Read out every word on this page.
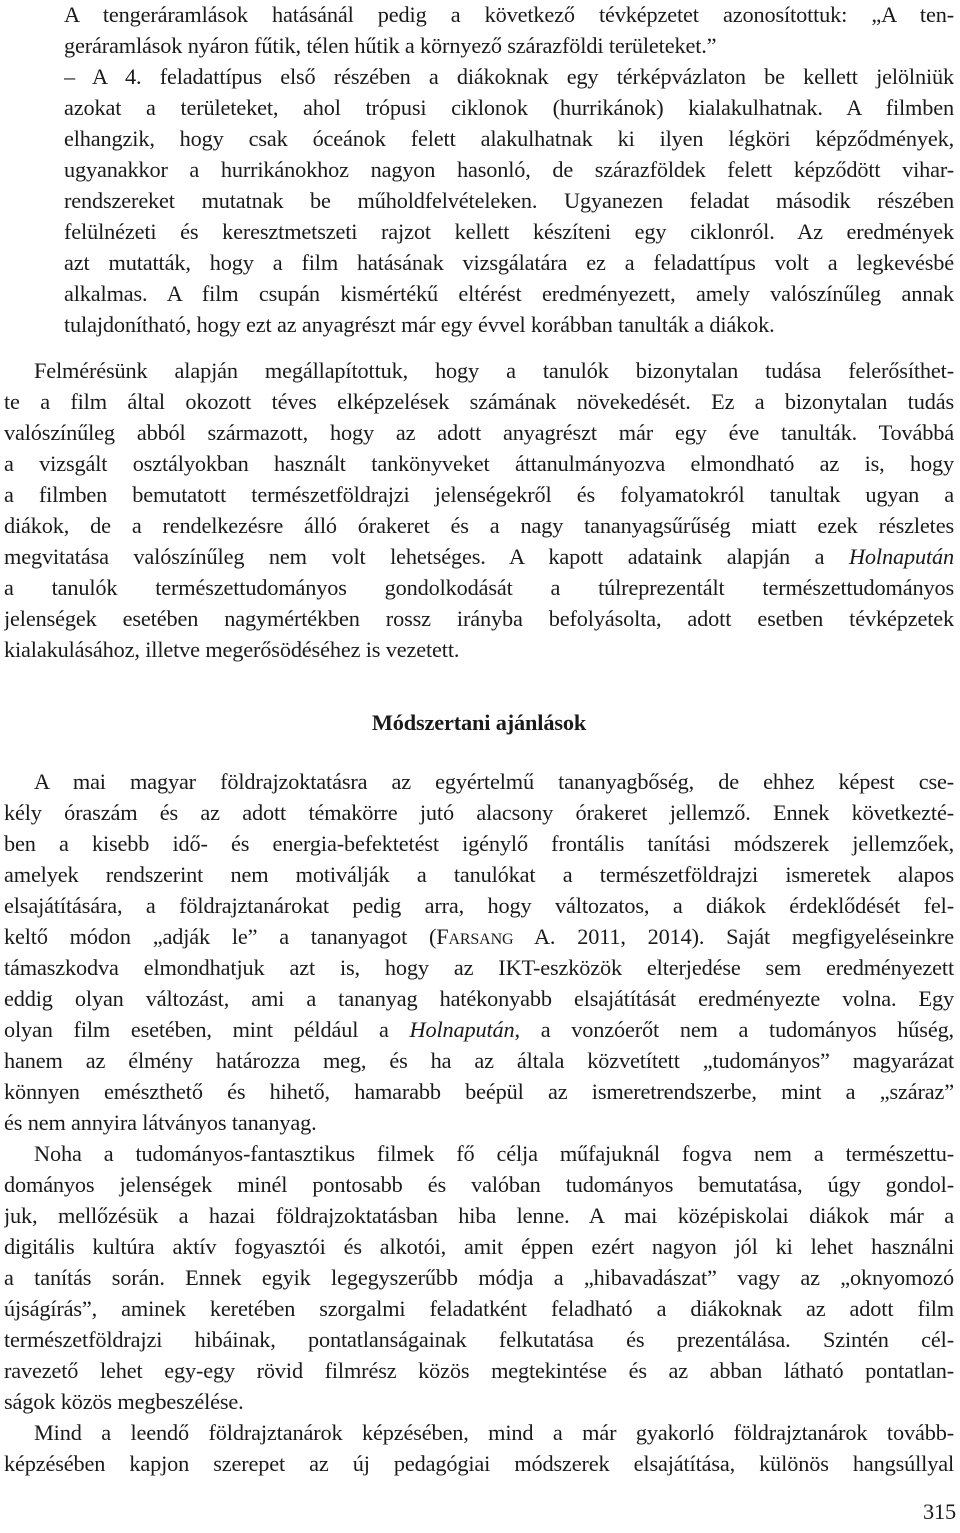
A tengeráramlások hatásánál pedig a következő tévképzetet azonosítottuk: „A ten-
geráramlások nyáron fűtik, télen hűtik a környező szárazföldi területeket.”
– A 4. feladattípus első részében a diákoknak egy térképvázlaton be kellett jelölniük
azokat a területeket, ahol trópusi ciklonok (hurrikánok) kialakulhatnak. A filmben
elhangzik, hogy csak óceánok felett alakulhatnak ki ilyen légköri képződmények,
ugyanakkor a hurrikánokhoz nagyon hasonló, de szárazföldek felett képződött vihar-
rendszereket mutatnak be műholdfelvételeken. Ugyanezen feladat második részében
felülnézeti és keresztmetszeti rajzot kellett készíteni egy ciklonról. Az eredmények
azt mutatták, hogy a film hatásának vizsgálatára ez a feladattípus volt a legkevésbé
alkalmas. A film csupán kismértékű eltérést eredményezett, amely valószínűleg annak
tulajdonítható, hogy ezt az anyagrészt már egy évvel korábban tanulták a diákok.
Felmérésünk alapján megállapítottuk, hogy a tanulók bizonytalan tudása felerősíthet-
te a film által okozott téves elképzelések számának növekedését. Ez a bizonytalan tudás
valószínűleg abból származott, hogy az adott anyagrészt már egy éve tanulták. Továbbá
a vizsgált osztályokban használt tankönyveket áttanulmányozva elmondható az is, hogy
a filmben bemutatott természetföldrajzi jelenségekről és folyamatokról tanultak ugyan a
diákok, de a rendelkezésre álló órakeret és a nagy tananyagsűrűség miatt ezek részletes
megvitatása valószínűleg nem volt lehetséges. A kapott adataink alapján a Holnapután
a tanulók természettudományos gondolkodását a túlreprezentált természettudományos
jelenségek esetében nagymértékben rossz irányba befolyásolta, adott esetben tévképzetek
kialakulásához, illetve megerősödéséhez is vezetett.
Módszertani ajánlások
A mai magyar földrajzoktatásra az egyértelmű tananyagbőség, de ehhez képest cse-
kély óraszám és az adott témakörre jutó alacsony órakeret jellemző. Ennek következté-
ben a kisebb idő- és energia-befektetést igénylő frontális tanítási módszerek jellemzőek,
amelyek rendszerint nem motiválják a tanulókat a természetföldrajzi ismeretek alapos
elsajátítására, a földrajztanárokat pedig arra, hogy változatos, a diákok érdeklődését fel-
keltő módon „adják le” a tananyagot (Farsang A. 2011, 2014). Saját megfigyeléseinkre
támaszkodva elmondhatjuk azt is, hogy az IKT-eszközök elterjedése sem eredményezett
eddig olyan változást, ami a tananyag hatékonyabb elsajátítását eredményezte volna. Egy
olyan film esetében, mint például a Holnapután, a vonzóerőt nem a tudományos hűség,
hanem az élmény határozza meg, és ha az általa közvetített „tudományos” magyarázat
könnyen emészthető és hihető, hamarabb beépül az ismeretrendszerbe, mint a „száraz”
és nem annyira látványos tananyag.
Noha a tudományos-fantasztikus filmek fő célja műfajuknál fogva nem a természettu-
dományos jelenségek minél pontosabb és valóban tudományos bemutatása, úgy gondol-
juk, mellőzésük a hazai földrajzoktatásban hiba lenne. A mai középiskolai diákok már a
digitális kultúra aktív fogyasztói és alkotói, amit éppen ezért nagyon jól ki lehet használni
a tanítás során. Ennek egyik legegyszerűbb módja a „hibavadászat” vagy az „oknyomozó
újságírás”, aminek keretében szorgalmi feladatként feladható a diákoknak az adott film
természetföldrajzi hibáinak, pontatlanságainak felkutatása és prezentálása. Szintén cél-
ravezető lehet egy-egy rövid filmrész közös megtekintése és az abban látható pontatlan-
ságok közös megbeszélése.
Mind a leendő földrajztanárok képzésében, mind a már gyakorló földrajztanárok tovább-
képzésében kapjon szerepet az új pedagógiai módszerek elsajátítása, különös hangsúllyal
315
